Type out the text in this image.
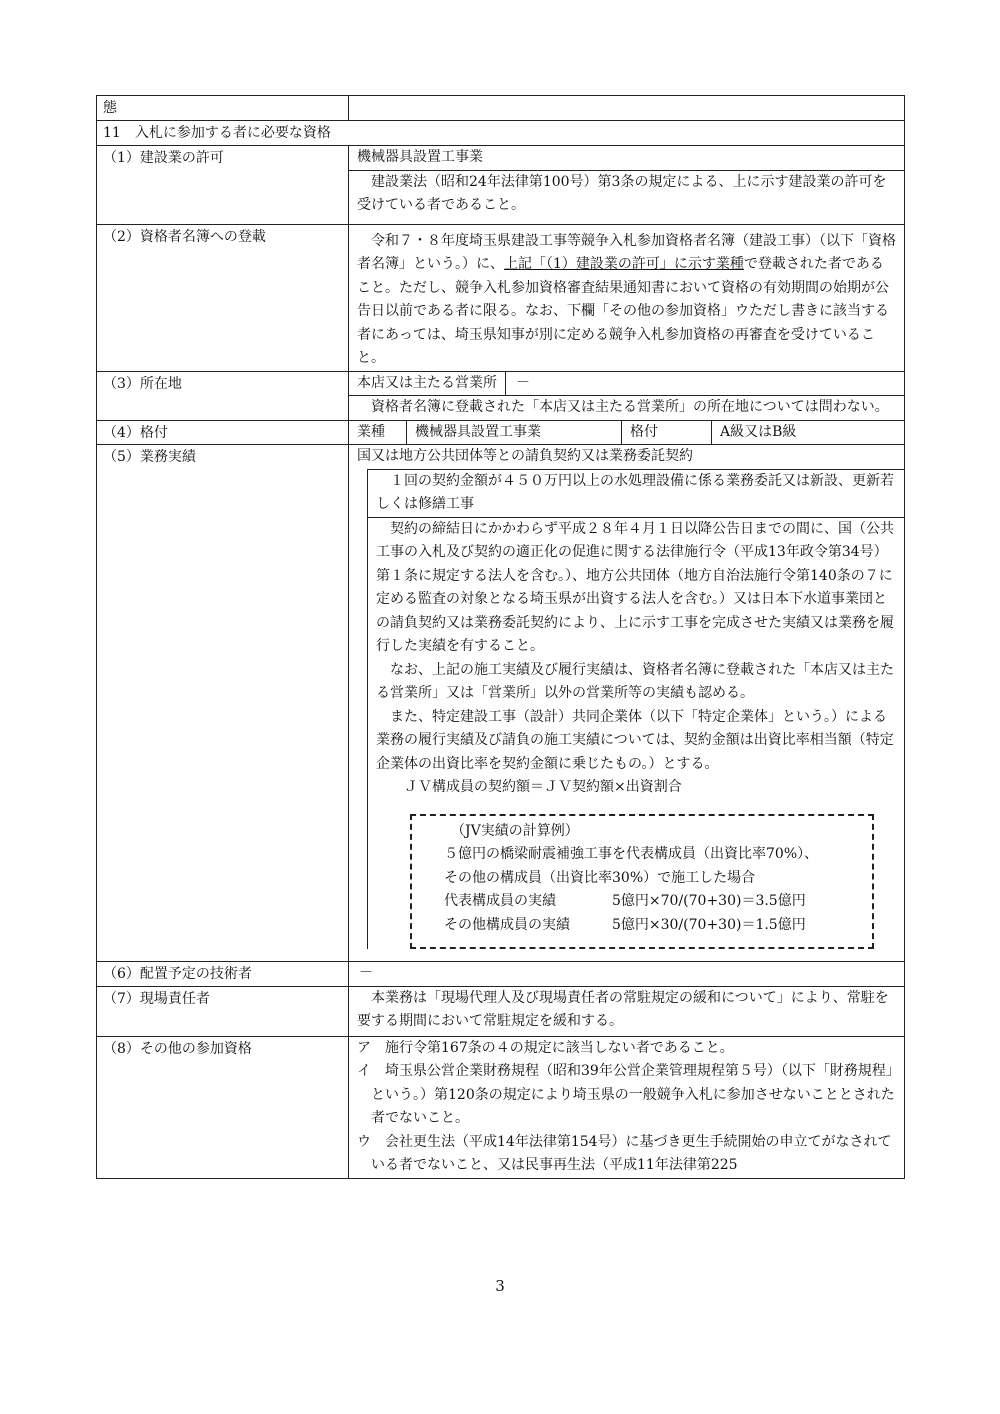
態
11　入札に参加する者に必要な資格
（1）建設業の許可	機械器具設置工事業

建設業法（昭和24年法律第100号）第3条の規定による、上に示す建設業の許可を受けている者であること。

（2）資格者名簿への登載	令和７・８年度埼玉県建設工事等競争入札参加資格者名簿（建設工事）（以下「資格者名簿」という。）に、上記「（1）建設業の許可」に示す業種で登載された者であること。ただし、競争入札参加資格審査結果通知書において資格の有効期間の始期が公告日以前である者に限る。なお、下欄「その他の参加資格」ウただし書きに該当する者にあっては、埼玉県知事が別に定める競争入札参加資格の再審査を受けていること。

（3）所在地	本店又は主たる営業所	－

資格者名簿に登載された「本店又は主たる営業所」の所在地については問わない。

（4）格付	業種	機械器具設置工事業	格付	A級又はB級
（5）業務実績	国又は地方公共団体等との請負契約又は業務委託契約

１回の契約金額が４５０万円以上の水処理設備に係る業務委託又は新設、更新若しくは修繕工事

契約の締結日にかかわらず平成２８年４月１日以降公告日までの間に、国（公共工事の入札及び契約の適正化の促進に関する法律施行令（平成13年政令第34号）第１条に規定する法人を含む。）、地方公共団体（地方自治法施行令第140条の７に定める監査の対象となる埼玉県が出資する法人を含む。）又は日本下水道事業団との請負契約又は業務委託契約により、上に示す工事を完成させた実績又は業務を履行した実績を有すること。

なお、上記の施工実績及び履行実績は、資格者名簿に登載された「本店又は主たる営業所」又は「営業所」以外の営業所等の実績も認める。

また、特定建設工事（設計）共同企業体（以下「特定企業体」という。）による業務の履行実績及び請負の施工実績については、契約金額は出資比率相当額（特定企業体の出資比率を契約金額に乗じたもの。）とする。

ＪＶ構成員の契約額＝ＪＶ契約額×出資割合

（JV実績の計算例）
５億円の橋梁耐震補強工事を代表構成員（出資比率70%）、
その他の構成員（出資比率30%）で施工した場合
代表構成員の実績	5億円×70/(70+30)＝3.5億円
その他構成員の実績	5億円×30/(70+30)＝1.5億円
（6）配置予定の技術者	－
（7）現場責任者	本業務は「現場代理人及び現場責任者の常駐規定の緩和について」により、常駐を要する期間において常駐規定を緩和する。

（8）その他の参加資格	ア　施行令第167条の４の規定に該当しない者であること。

イ　埼玉県公営企業財務規程（昭和39年公営企業管理規程第５号）（以下「財務規程」という。）第120条の規定により埼玉県の一般競争入札に参加させないこととされた者でないこと。

ウ　会社更生法（平成14年法律第154号）に基づき更生手続開始の申立てがなされている者でないこと、又は民事再生法（平成11年法律第225

3
